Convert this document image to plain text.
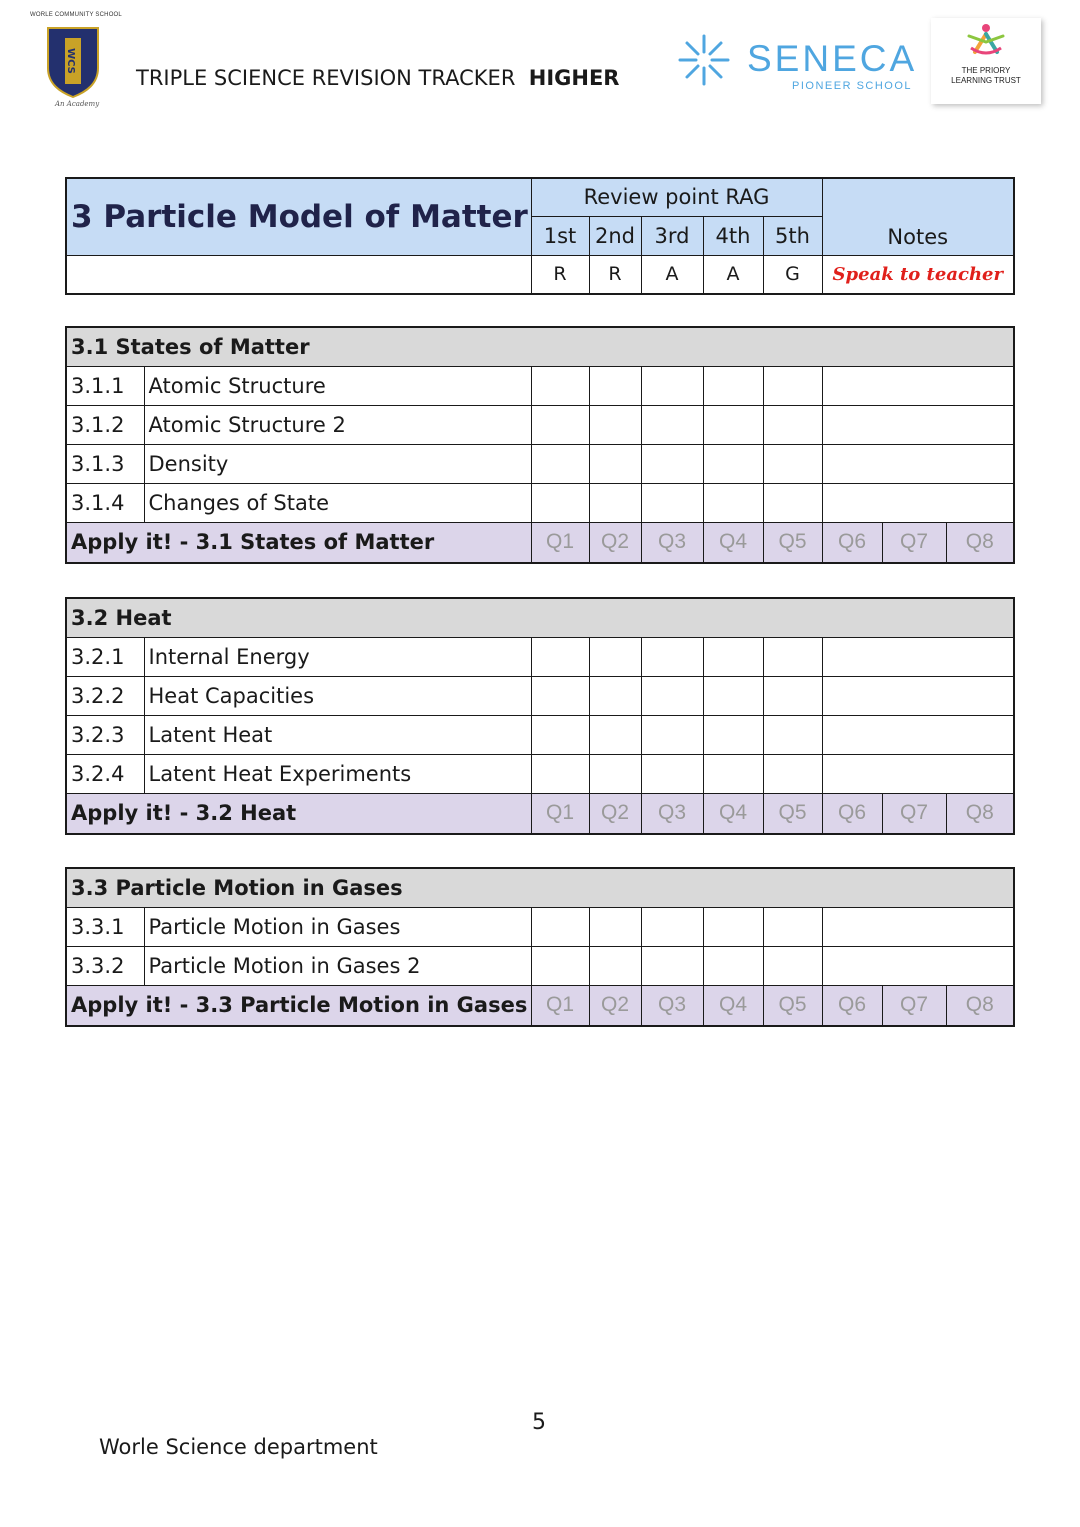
WORLE COMMUNITY SCHOOL
WCS
An Academy
TRIPLE SCIENCE REVISION TRACKER HIGHER	SENECA
PIONEER SCHOOL
THE PRIORY
LEARNING TRUST
3 Particle Model of Matter	Review point RAG					Notes
	1st	2nd	3rd	4th	5th	
	R	R	A	A	G	Speak to teacher
3.1 States of Matter									
3.1.1	Atomic Structure								
3.1.2	Atomic Structure 2								
3.1.3	Density								
3.1.4	Changes of State								
Apply it! - 3.1 States of Matter		Q1	Q2	Q3	Q4	Q5	Q6	Q7	Q8
3.2 Heat									
3.2.1	Internal Energy								
3.2.2	Heat Capacities								
3.2.3	Latent Heat								
3.2.4	Latent Heat Experiments								
Apply it! - 3.2 Heat		Q1	Q2	Q3	Q4	Q5	Q6	Q7	Q8
3.3 Particle Motion in Gases									
3.3.1	Particle Motion in Gases								
3.3.2	Particle Motion in Gases 2								
Apply it! - 3.3 Particle Motion in Gases		Q1	Q2	Q3	Q4	Q5	Q6	Q7	Q8
5
Worle Science department
